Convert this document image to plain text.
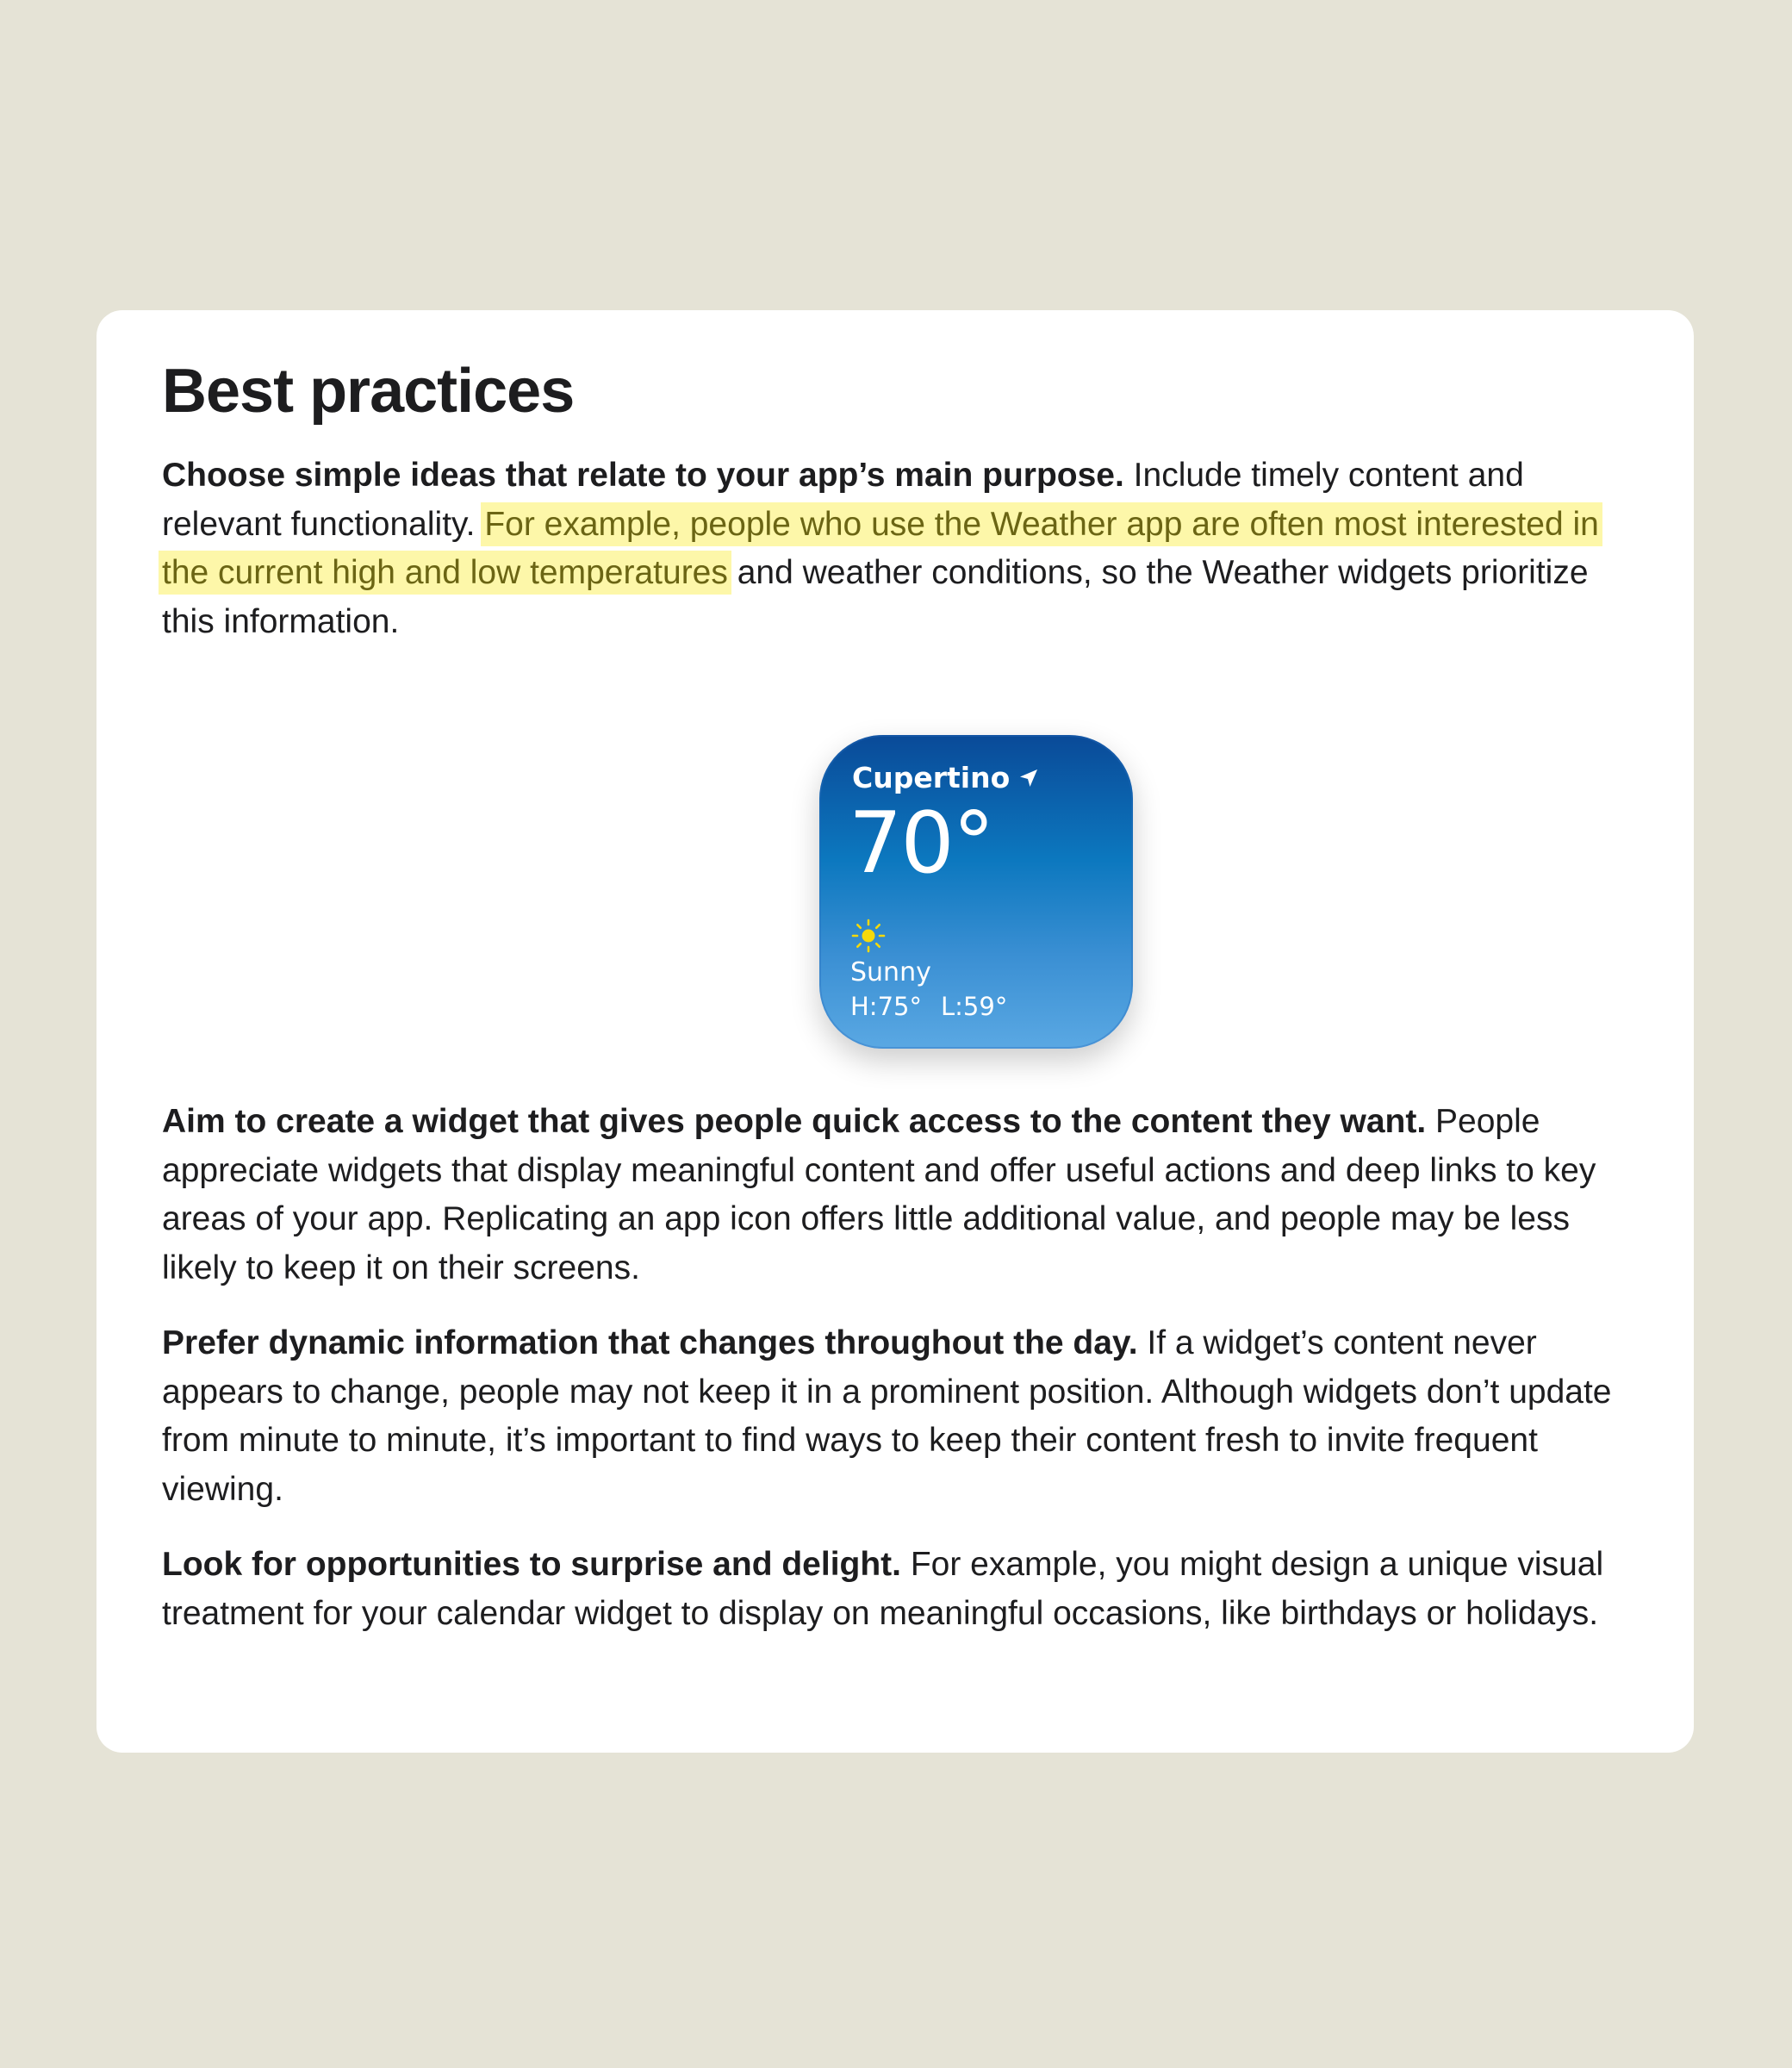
Best practices

Choose simple ideas that relate to your app’s main purpose. Include timely content and relevant functionality. For example, people who use the Weather app are often most interested in the current high and low temperatures and weather conditions, so the Weather widgets prioritize this information.

Cupertino
70°
Sunny
H:75° L:59°

Aim to create a widget that gives people quick access to the content they want. People appreciate widgets that display meaningful content and offer useful actions and deep links to key areas of your app. Replicating an app icon offers little additional value, and people may be less likely to keep it on their screens.

Prefer dynamic information that changes throughout the day. If a widget’s content never appears to change, people may not keep it in a prominent position. Although widgets don’t update from minute to minute, it’s important to find ways to keep their content fresh to invite frequent viewing.

Look for opportunities to surprise and delight. For example, you might design a unique visual treatment for your calendar widget to display on meaningful occasions, like birthdays or holidays.
